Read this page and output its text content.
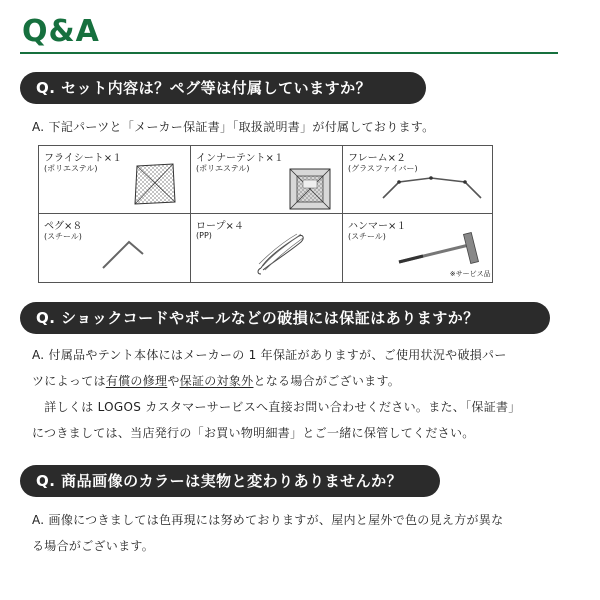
Q&A
Q. セット内容は？ペグ等は付属していますか？
A. 下記パーツと「メーカー保証書」「取扱説明書」が付属しております。
フライシート×１
(ポリエステル)
インナーテント×１
(ポリエステル)
フレーム×２
(グラスファイバー)
ペグ×８
(スチール)
ロープ×４
(PP)
ハンマー×１
(スチール)
※サービス品
Q. ショックコードやポールなどの破損には保証はありますか？
A. 付属品やテント本体にはメーカーの 1 年保証がありますが、ご使用状況や破損パー
ツによっては有償の修理や保証の対象外となる場合がございます。
　詳しくは LOGOS カスタマーサービスへ直接お問い合わせください。また、「保証書」
につきましては、当店発行の「お買い物明細書」とご一緒に保管してください。
Q. 商品画像のカラーは実物と変わりありませんか？
A. 画像につきましては色再現には努めておりますが、屋内と屋外で色の見え方が異な
る場合がございます。
